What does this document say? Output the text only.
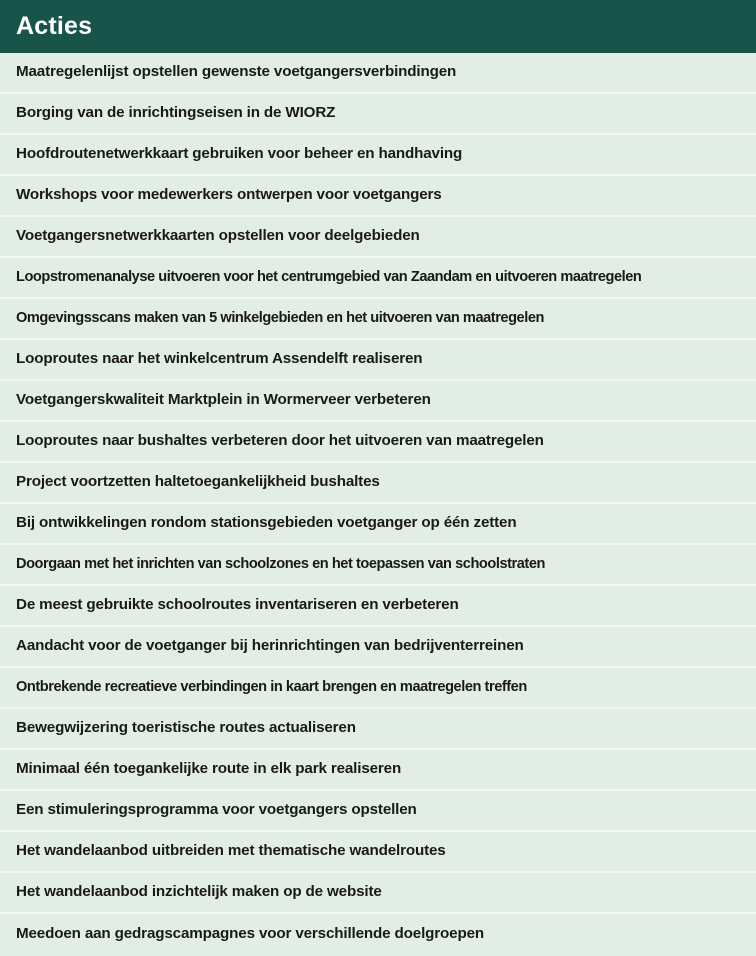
Acties
Maatregelenlijst opstellen gewenste voetgangersverbindingen
Borging van de inrichtingseisen in de WIORZ
Hoofdroutenetwerkkaart gebruiken voor beheer en handhaving
Workshops voor medewerkers ontwerpen voor voetgangers
Voetgangersnetwerkkaarten opstellen voor deelgebieden
Loopstromenanalyse uitvoeren voor het centrumgebied van Zaandam en uitvoeren maatregelen
Omgevingsscans maken van 5 winkelgebieden en het uitvoeren van maatregelen
Looproutes naar het winkelcentrum Assendelft realiseren
Voetgangerskwaliteit Marktplein in Wormerveer verbeteren
Looproutes naar bushaltes verbeteren door het uitvoeren van maatregelen
Project voortzetten haltetoegankelijkheid bushaltes
Bij ontwikkelingen rondom stationsgebieden voetganger op één zetten
Doorgaan met het inrichten van schoolzones en het toepassen van schoolstraten
De meest gebruikte schoolroutes inventariseren en verbeteren
Aandacht voor de voetganger bij herinrichtingen van bedrijventerreinen
Ontbrekende recreatieve verbindingen in kaart brengen en maatregelen treffen
Bewegwijzering toeristische routes actualiseren
Minimaal één toegankelijke route in elk park realiseren
Een stimuleringsprogramma voor voetgangers opstellen
Het wandelaanbod uitbreiden met thematische wandelroutes
Het wandelaanbod inzichtelijk maken op de website
Meedoen aan gedragscampagnes voor verschillende doelgroepen
